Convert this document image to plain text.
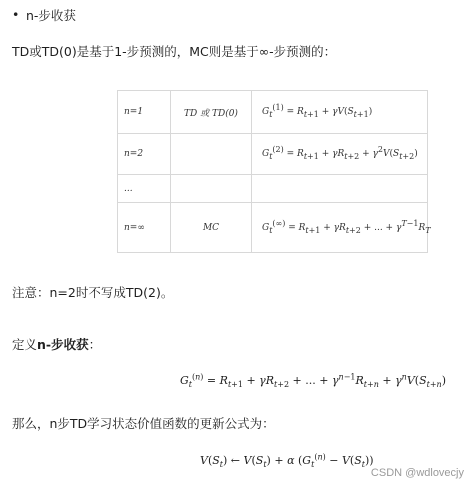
• n-步收获
TD或TD(0)是基于1-步预测的，MC则是基于∞-步预测的：
n=1	TD 或 TD(0)	$G_t^{(1)} = R_{t+1} + \gamma V(S_{t+1})$
n=2		$G_t^{(2)} = R_{t+1} + \gamma R_{t+2} + \gamma^2V(S_{t+2})$
...		
n=∞	MC	$G_t^{(\infty)} = R_{t+1} + \gamma R_{t+2}$ + ... + $\gamma^{T-1}R_T$
注意：n=2时不写成TD(2)。
定义n-步收获：
$G_t^{(n)} = R_{t+1} + \gamma R_{t+2}$ + ... + $\gamma^{n-1}R_{t+n} + \gamma^nV(S_{t+n})$
那么，n步TD学习状态价值函数的更新公式为：
$V(S_t)$ ← $V(S_t) + \alpha$ $(G_t^{(n)} - V(S_t))$
CSDN @wdlovecjy
